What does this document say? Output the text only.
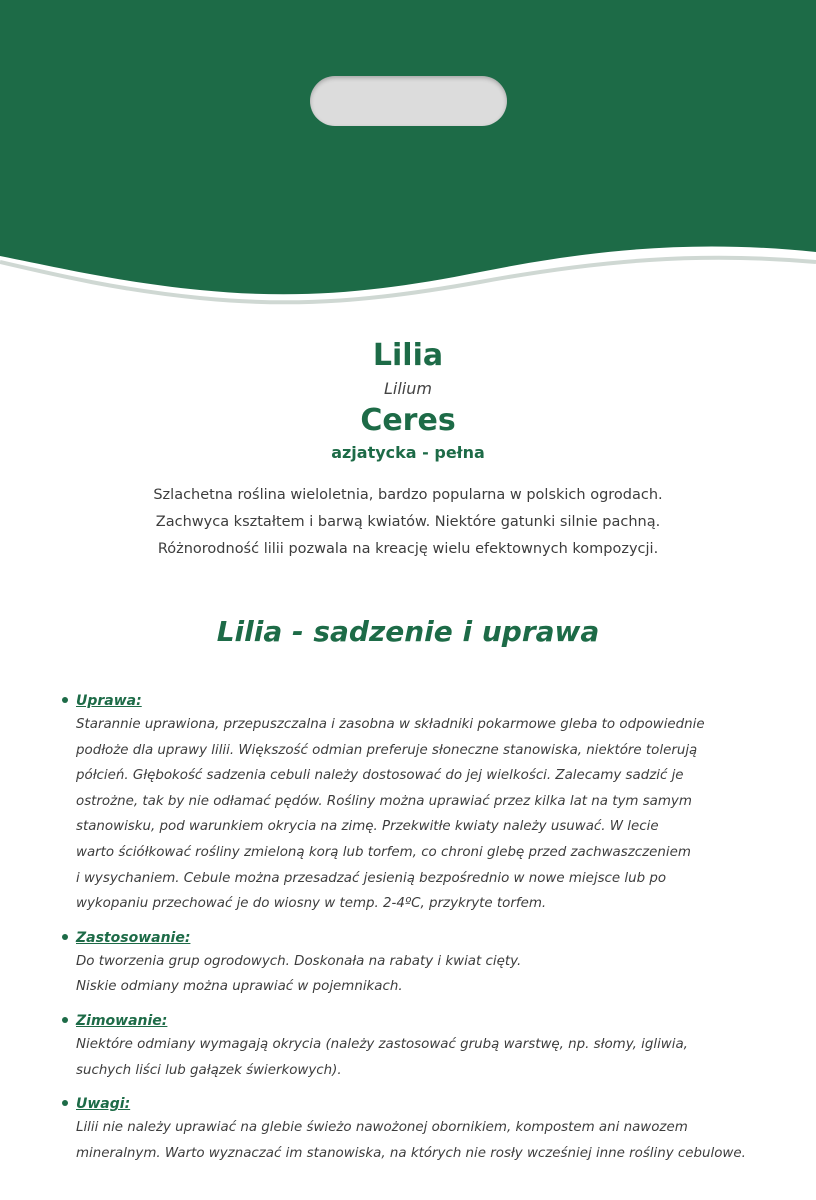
Lilia

Lilium

Ceres

azjatycka - pełna

Szlachetna roślina wieloletnia, bardzo popularna w polskich ogrodach.
Zachwyca kształtem i barwą kwiatów. Niektóre gatunki silnie pachną.
Różnorodność lilii pozwala na kreację wielu efektownych kompozycji.
Lilia - sadzenie i uprawa

Uprawa:

Starannie uprawiona, przepuszczalna i zasobna w składniki pokarmowe gleba to odpowiednie
podłoże dla uprawy lilii. Większość odmian preferuje słoneczne stanowiska, niektóre tolerują
półcień. Głębokość sadzenia cebuli należy dostosować do jej wielkości. Zalecamy sadzić je
ostrożne, tak by nie odłamać pędów. Rośliny można uprawiać przez kilka lat na tym samym
stanowisku, pod warunkiem okrycia na zimę. Przekwitłe kwiaty należy usuwać. W lecie
warto ściółkować rośliny zmieloną korą lub torfem, co chroni glebę przed zachwaszczeniem
i wysychaniem. Cebule można przesadzać jesienią bezpośrednio w nowe miejsce lub po
wykopaniu przechować je do wiosny w temp. 2-4ºC, przykryte torfem.

Zastosowanie:

Do tworzenia grup ogrodowych. Doskonała na rabaty i kwiat cięty.
Niskie odmiany można uprawiać w pojemnikach.

Zimowanie:

Niektóre odmiany wymagają okrycia (należy zastosować grubą warstwę, np. słomy, igliwia,
suchych liści lub gałązek świerkowych).

Uwagi:

Lilii nie należy uprawiać na glebie świeżo nawożonej obornikiem, kompostem ani nawozem
mineralnym. Warto wyznaczać im stanowiska, na których nie rosły wcześniej inne rośliny cebulowe.
